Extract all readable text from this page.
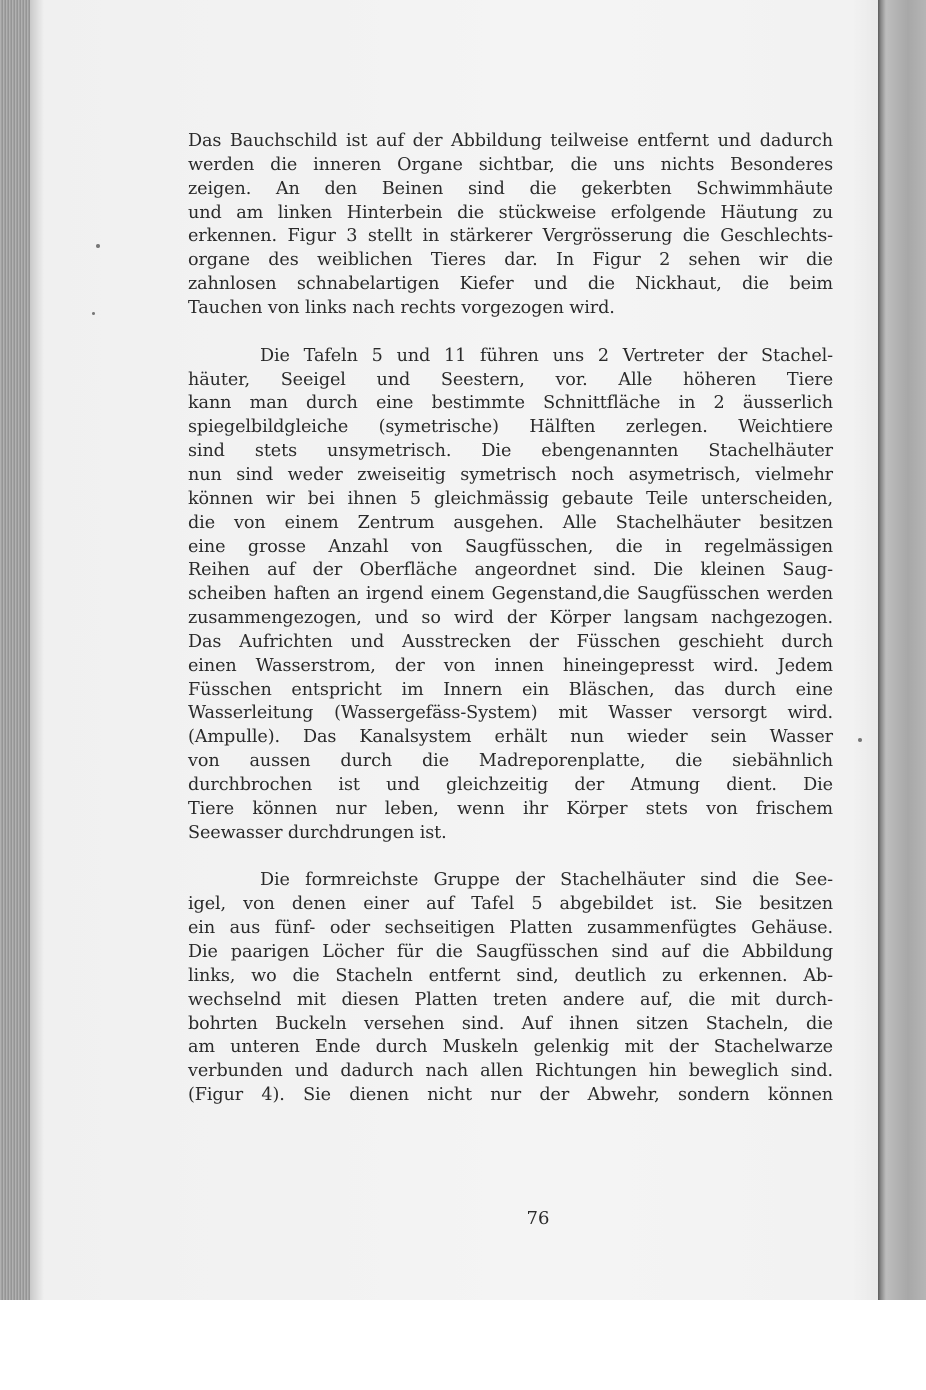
Das Bauchschild ist auf der Abbildung teilweise entfernt und dadurch
werden die inneren Organe sichtbar, die uns nichts Besonderes
zeigen. An den Beinen sind die gekerbten Schwimmhäute
und am linken Hinterbein die stückweise erfolgende Häutung zu
erkennen. Figur 3 stellt in stärkerer Vergrösserung die Geschlechts-
organe des weiblichen Tieres dar. In Figur 2 sehen wir die
zahnlosen schnabelartigen Kiefer und die Nickhaut, die beim
Tauchen von links nach rechts vorgezogen wird.
Die Tafeln 5 und 11 führen uns 2 Vertreter der Stachel-
häuter, Seeigel und Seestern, vor. Alle höheren Tiere
kann man durch eine bestimmte Schnittfläche in 2 äusserlich
spiegelbildgleiche (symetrische) Hälften zerlegen. Weichtiere
sind stets unsymetrisch. Die ebengenannten Stachelhäuter
nun sind weder zweiseitig symetrisch noch asymetrisch, vielmehr
können wir bei ihnen 5 gleichmässig gebaute Teile unterscheiden,
die von einem Zentrum ausgehen. Alle Stachelhäuter besitzen
eine grosse Anzahl von Saugfüsschen, die in regelmässigen
Reihen auf der Oberfläche angeordnet sind. Die kleinen Saug-
scheiben haften an irgend einem Gegenstand,die Saugfüsschen werden
zusammengezogen, und so wird der Körper langsam nachgezogen.
Das Aufrichten und Ausstrecken der Füsschen geschieht durch
einen Wasserstrom, der von innen hineingepresst wird. Jedem
Füsschen entspricht im Innern ein Bläschen, das durch eine
Wasserleitung (Wassergefäss-System) mit Wasser versorgt wird.
(Ampulle). Das Kanalsystem erhält nun wieder sein Wasser
von aussen durch die Madreporenplatte, die siebähnlich
durchbrochen ist und gleichzeitig der Atmung dient. Die
Tiere können nur leben, wenn ihr Körper stets von frischem
Seewasser durchdrungen ist.
Die formreichste Gruppe der Stachelhäuter sind die See-
igel, von denen einer auf Tafel 5 abgebildet ist. Sie besitzen
ein aus fünf- oder sechseitigen Platten zusammenfügtes Gehäuse.
Die paarigen Löcher für die Saugfüsschen sind auf die Abbildung
links, wo die Stacheln entfernt sind, deutlich zu erkennen. Ab-
wechselnd mit diesen Platten treten andere auf, die mit durch-
bohrten Buckeln versehen sind. Auf ihnen sitzen Stacheln, die
am unteren Ende durch Muskeln gelenkig mit der Stachelwarze
verbunden und dadurch nach allen Richtungen hin beweglich sind.
(Figur 4). Sie dienen nicht nur der Abwehr, sondern können
76
